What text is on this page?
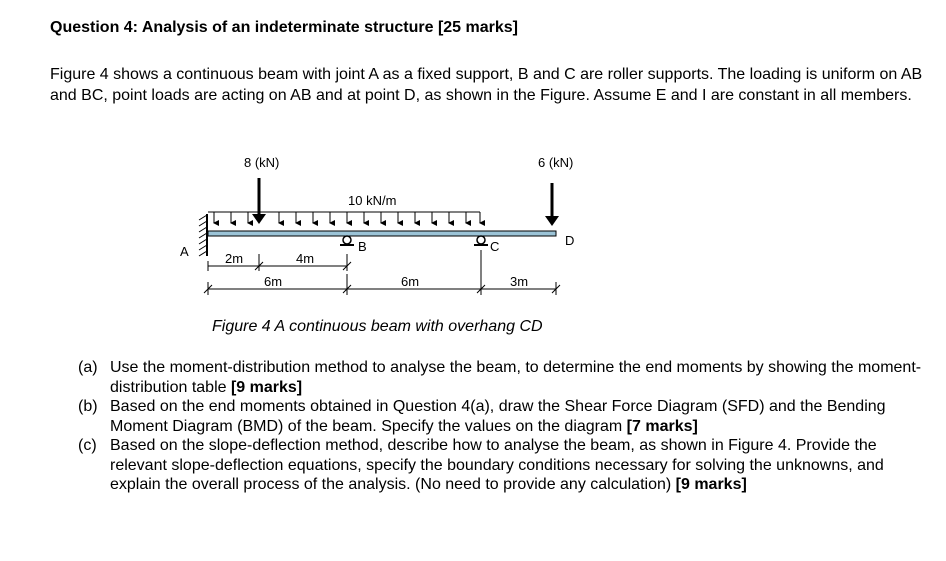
Question 4: Analysis of an indeterminate structure [25 marks]

Figure 4 shows a continuous beam with joint A as a fixed support, B and C are roller supports. The loading is uniform on AB and BC, point loads are acting on AB and at point D, as shown in the Figure. Assume E and I are constant in all members.

10 kN/m
8 (kN)	6 (kN)
A	B	C	D
2m	4m
6m	6m	3m
Figure 4 A continuous beam with overhang CD
(a) Use the moment-distribution method to analyse the beam, to determine the end moments by showing the moment-distribution table [9 marks]
(b) Based on the end moments obtained in Question 4(a), draw the Shear Force Diagram (SFD) and the Bending Moment Diagram (BMD) of the beam. Specify the values on the diagram [7 marks]
(c) Based on the slope-deflection method, describe how to analyse the beam, as shown in Figure 4. Provide the relevant slope-deflection equations, specify the boundary conditions necessary for solving the unknowns, and explain the overall process of the analysis. (No need to provide any calculation) [9 marks]
